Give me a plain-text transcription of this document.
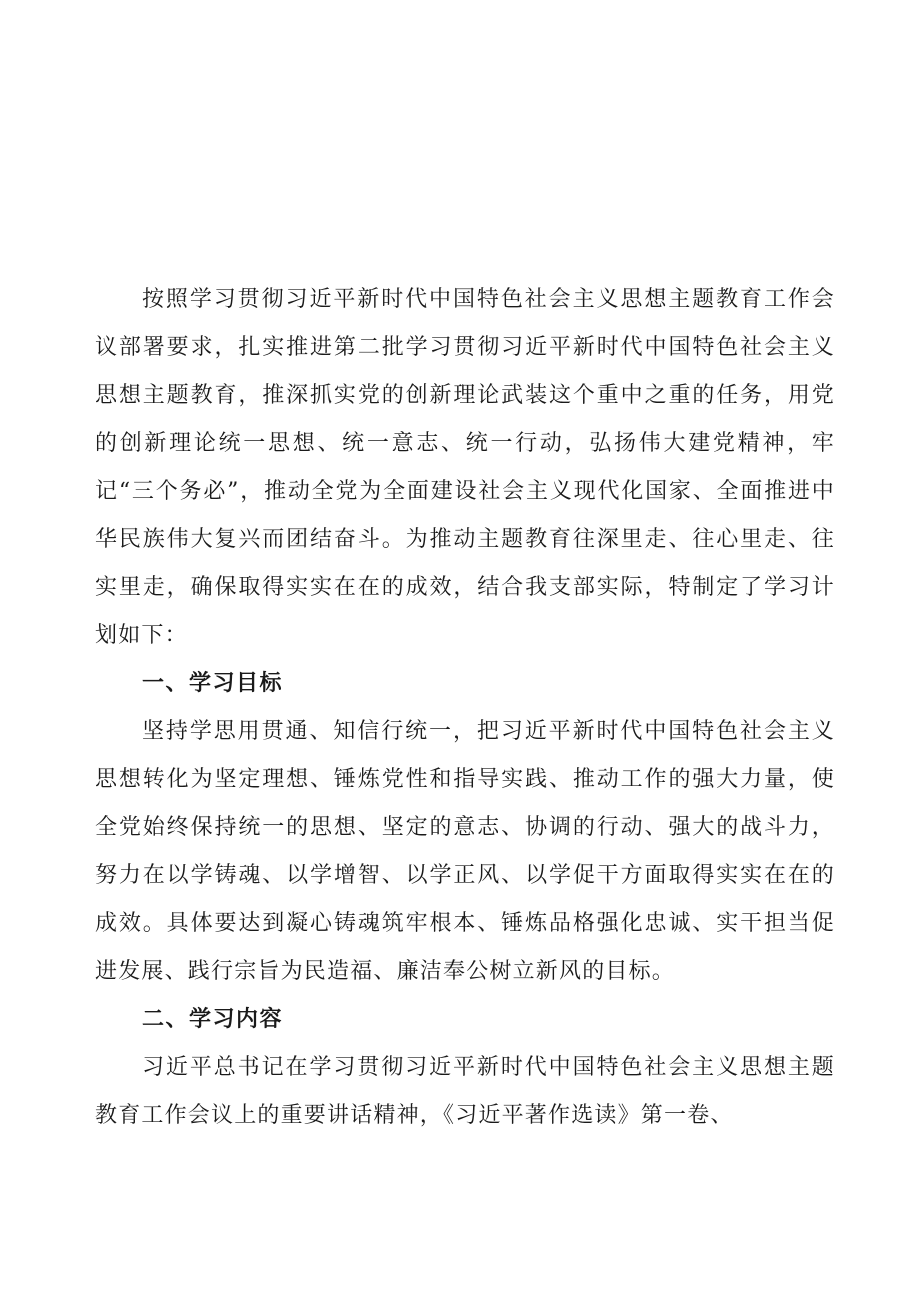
按照学习贯彻习近平新时代中国特色社会主义思想主题教育工作会议部署要求，扎实推进第二批学习贯彻习近平新时代中国特色社会主义思想主题教育，推深抓实党的创新理论武装这个重中之重的任务，用党的创新理论统一思想、统一意志、统一行动，弘扬伟大建党精神，牢记“三个务必”，推动全党为全面建设社会主义现代化国家、全面推进中华民族伟大复兴而团结奋斗。为推动主题教育往深里走、往心里走、往实里走，确保取得实实在在的成效，结合我支部实际，特制定了学习计划如下：

一、学习目标

坚持学思用贯通、知信行统一，把习近平新时代中国特色社会主义思想转化为坚定理想、锤炼党性和指导实践、推动工作的强大力量，使全党始终保持统一的思想、坚定的意志、协调的行动、强大的战斗力，努力在以学铸魂、以学增智、以学正风、以学促干方面取得实实在在的成效。具体要达到凝心铸魂筑牢根本、锤炼品格强化忠诚、实干担当促进发展、践行宗旨为民造福、廉洁奉公树立新风的目标。

二、学习内容

习近平总书记在学习贯彻习近平新时代中国特色社会主义思想主题教育工作会议上的重要讲话精神，《习近平著作选读》第一卷、
